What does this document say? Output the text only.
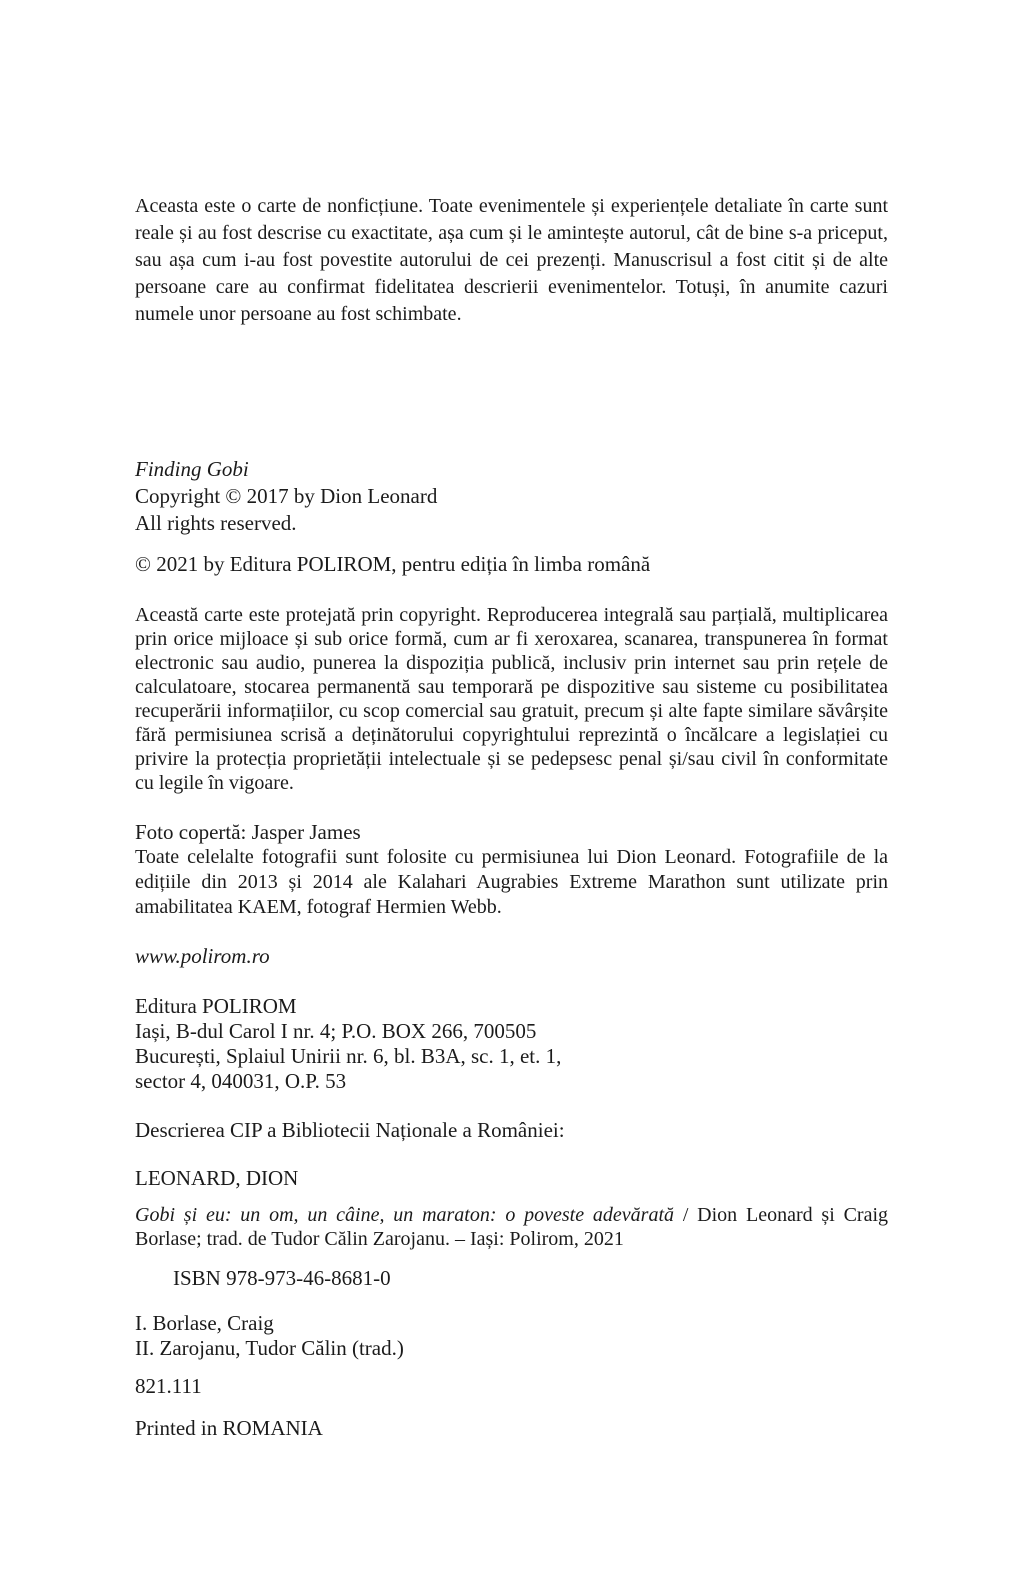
Aceasta este o carte de nonficțiune. Toate evenimentele și experiențele detaliate în carte sunt reale și au fost descrise cu exactitate, așa cum și le amintește autorul, cât de bine s-a priceput, sau așa cum i-au fost povestite autorului de cei prezenți. Manuscrisul a fost citit și de alte persoane care au confirmat fidelitatea descrierii evenimentelor. Totuși, în anumite cazuri numele unor persoane au fost schimbate.

Finding Gobi
Copyright © 2017 by Dion Leonard
All rights reserved.

© 2021 by Editura POLIROM, pentru ediția în limba română

Această carte este protejată prin copyright. Reproducerea integrală sau parțială, multiplicarea prin orice mijloace și sub orice formă, cum ar fi xeroxarea, scanarea, transpunerea în format electronic sau audio, punerea la dispoziția publică, inclusiv prin internet sau prin rețele de calculatoare, stocarea permanentă sau temporară pe dispozitive sau sisteme cu posibilitatea recuperării informațiilor, cu scop comercial sau gratuit, precum și alte fapte similare săvârșite fără permisiunea scrisă a deținătorului copyrightului reprezintă o încălcare a legislației cu privire la protecția proprietății intelectuale și se pedepsesc penal și/sau civil în conformitate cu legile în vigoare.

Foto copertă: Jasper James
Toate celelalte fotografii sunt folosite cu permisiunea lui Dion Leonard. Fotografiile de la edițiile din 2013 și 2014 ale Kalahari Augrabies Extreme Marathon sunt utilizate prin amabilitatea KAEM, fotograf Hermien Webb.

www.polirom.ro

Editura POLIROM
Iași, B-dul Carol I nr. 4; P.O. BOX 266, 700505
București, Splaiul Unirii nr. 6, bl. B3A, sc. 1, et. 1,
sector 4, 040031, O.P. 53

Descrierea CIP a Bibliotecii Naționale a României:

LEONARD, DION

Gobi și eu: un om, un câine, un maraton: o poveste adevărată / Dion Leonard și Craig Borlase; trad. de Tudor Călin Zarojanu. – Iași: Polirom, 2021

ISBN 978-973-46-8681-0

I. Borlase, Craig
II. Zarojanu, Tudor Călin (trad.)

821.111

Printed in ROMANIA
